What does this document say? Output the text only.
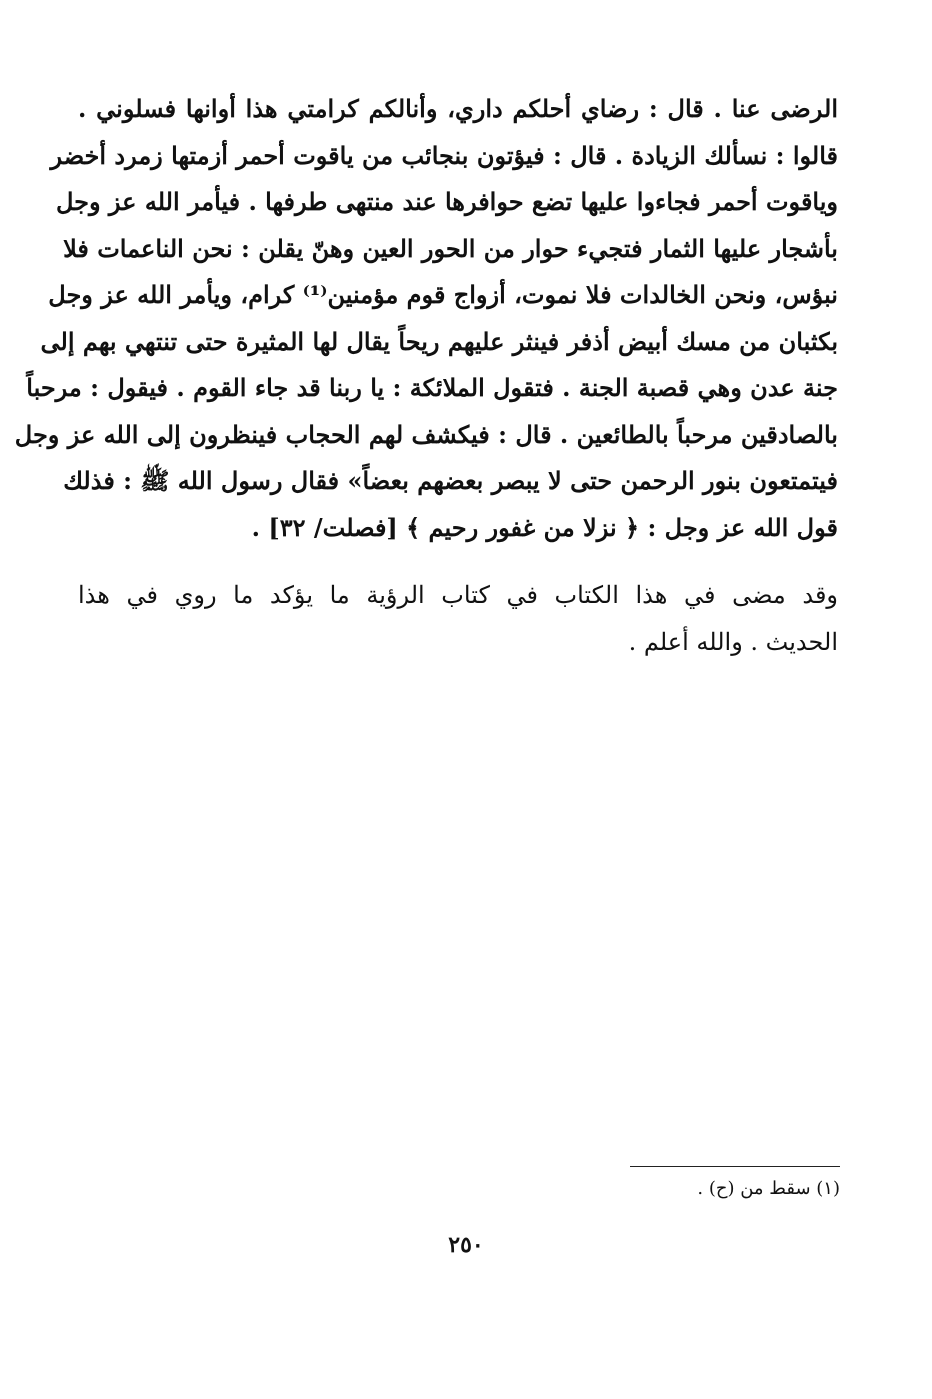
الرضى عنا . قال : رضاي أحلكم داري، وأنالكم كرامتي هذا أوانها فسلوني .
قالوا : نسألك الزيادة . قال : فيؤتون بنجائب من ياقوت أحمر أزمتها زمرد أخضر
وياقوت أحمر فجاءوا عليها تضع حوافرها عند منتهى طرفها . فيأمر الله عز وجل
بأشجار عليها الثمار فتجيء حوار من الحور العين وهنّ يقلن : نحن الناعمات فلا
نبؤس، ونحن الخالدات فلا نموت، أزواج قوم مؤمنين⁽¹⁾ كرام، ويأمر الله عز وجل
بكثبان من مسك أبيض أذفر فينثر عليهم ريحاً يقال لها المثيرة حتى تنتهي بهم إلى
جنة عدن وهي قصبة الجنة . فتقول الملائكة : يا ربنا قد جاء القوم . فيقول : مرحباً
بالصادقين مرحباً بالطائعين . قال : فيكشف لهم الحجاب فينظرون إلى الله عز وجل
فيتمتعون بنور الرحمن حتى لا يبصر بعضهم بعضاً» فقال رسول الله ﷺ : فذلك
قول الله عز وجل : ﴿ نزلا من غفور رحيم ﴾ [فصلت/ ٣٢] .
وقد مضى في هذا الكتاب في كتاب الرؤية ما يؤكد ما روي في هذا
الحديث . والله أعلم .
(١) سقط من (ح) .
٢٥٠
